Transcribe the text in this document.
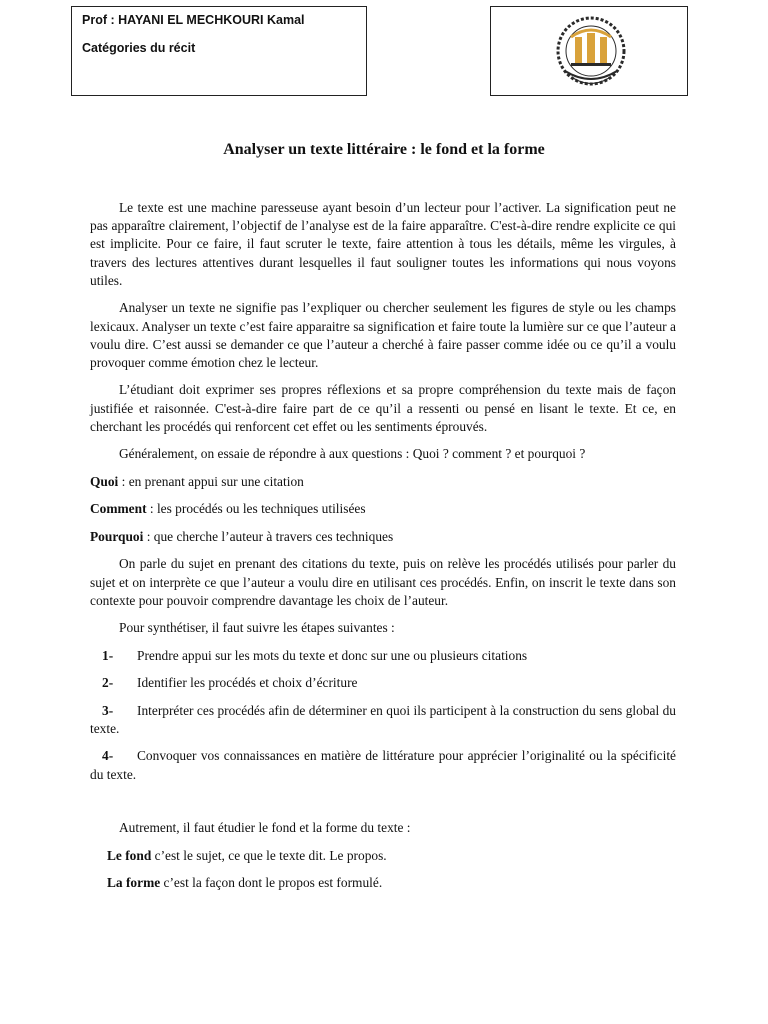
Prof : HAYANI EL MECHKOURI Kamal
Catégories du récit
Analyser un texte littéraire : le fond et la forme

Le texte est une machine paresseuse ayant besoin d’un lecteur pour l’activer. La signification peut ne pas apparaître clairement, l’objectif de l’analyse est de la faire apparaître. C'est-à-dire rendre explicite ce qui est implicite. Pour ce faire, il faut scruter le texte, faire attention à tous les détails, même les virgules, à travers des lectures attentives durant lesquelles il faut souligner toutes les informations qui nous voyons utiles.

Analyser un texte ne signifie pas l’expliquer ou chercher seulement les figures de style ou les champs lexicaux. Analyser un texte c’est faire apparaitre sa signification et faire toute la lumière sur ce que l’auteur a voulu dire. C’est aussi se demander ce que l’auteur a cherché à faire passer comme idée ou ce qu’il a voulu provoquer comme émotion chez le lecteur.

L’étudiant doit exprimer ses propres réflexions et sa propre compréhension du texte mais de façon justifiée et raisonnée. C'est-à-dire faire part de ce qu’il a ressenti ou pensé en lisant le texte. Et ce, en cherchant les procédés qui renforcent cet effet ou les sentiments éprouvés.

Généralement, on essaie de répondre à aux questions : Quoi ? comment ? et pourquoi ?

Quoi : en prenant appui sur une citation

Comment : les procédés ou les techniques utilisées

Pourquoi : que cherche l’auteur à travers ces techniques

On parle du sujet en prenant des citations du texte, puis on relève les procédés utilisés pour parler du sujet et on interprète ce que l’auteur a voulu dire en utilisant ces procédés. Enfin, on inscrit le texte dans son contexte pour pouvoir comprendre davantage les choix de l’auteur.

Pour synthétiser, il faut suivre les étapes suivantes :

1- Prendre appui sur les mots du texte et donc sur une ou plusieurs citations

2- Identifier les procédés et choix d’écriture

3- Interpréter ces procédés afin de déterminer en quoi ils participent à la construction du sens global du texte.

4- Convoquer vos connaissances en matière de littérature pour apprécier l’originalité ou la spécificité du texte.

Autrement, il faut étudier le fond et la forme du texte :

Le fond c’est le sujet, ce que le texte dit. Le propos.

La forme c’est la façon dont le propos est formulé.
